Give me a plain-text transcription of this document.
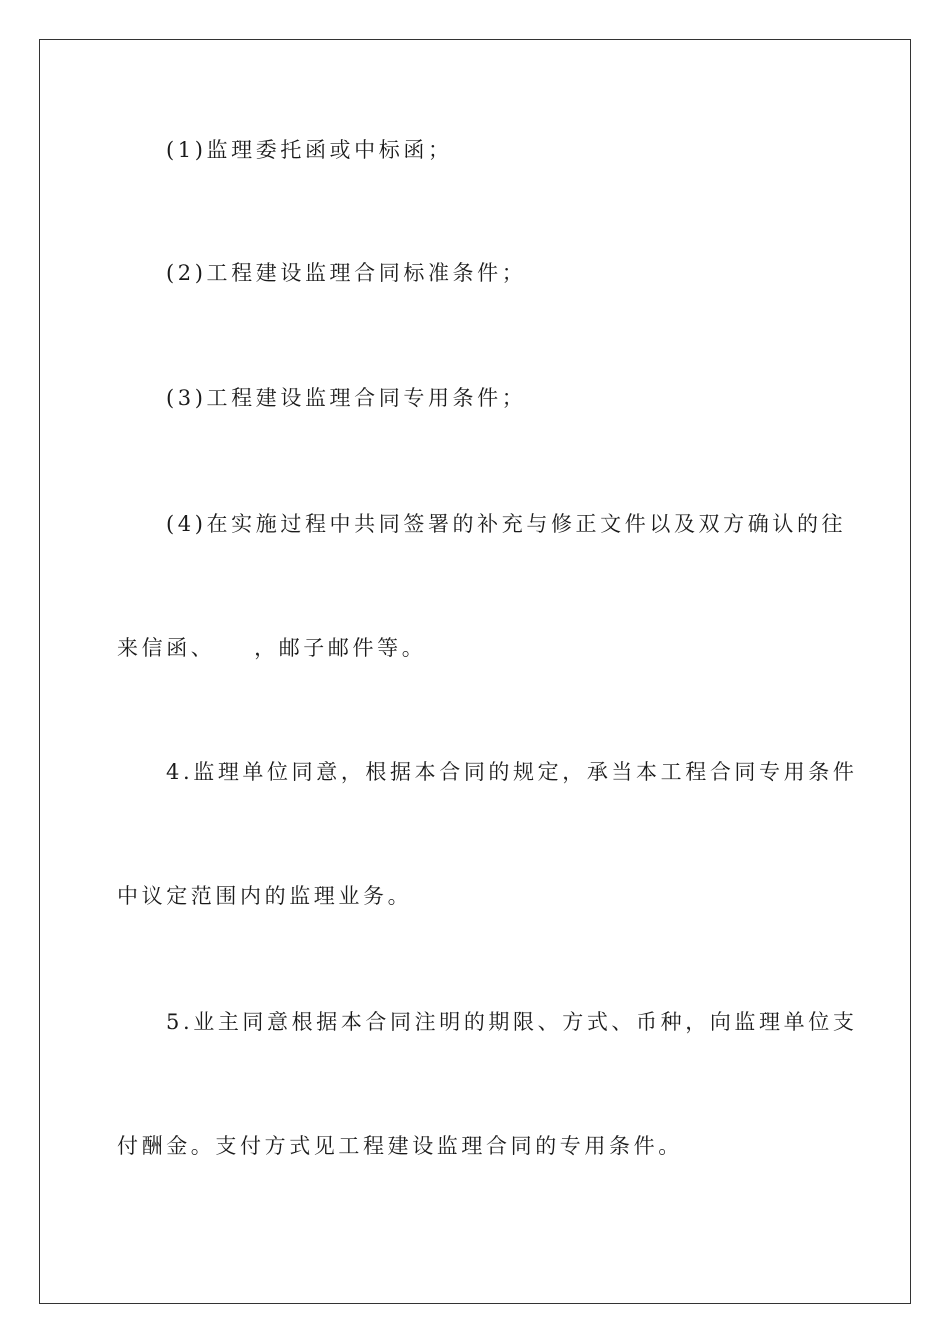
(1)监理委托函或中标函；
(2)工程建设监理合同标准条件；
(3)工程建设监理合同专用条件；
(4)在实施过程中共同签署的补充与修正文件以及双方确认的往
来信函、　　，邮子邮件等。
4.监理单位同意，根据本合同的规定，承当本工程合同专用条件
中议定范围内的监理业务。
5.业主同意根据本合同注明的期限、方式、币种，向监理单位支
付酬金。支付方式见工程建设监理合同的专用条件。
